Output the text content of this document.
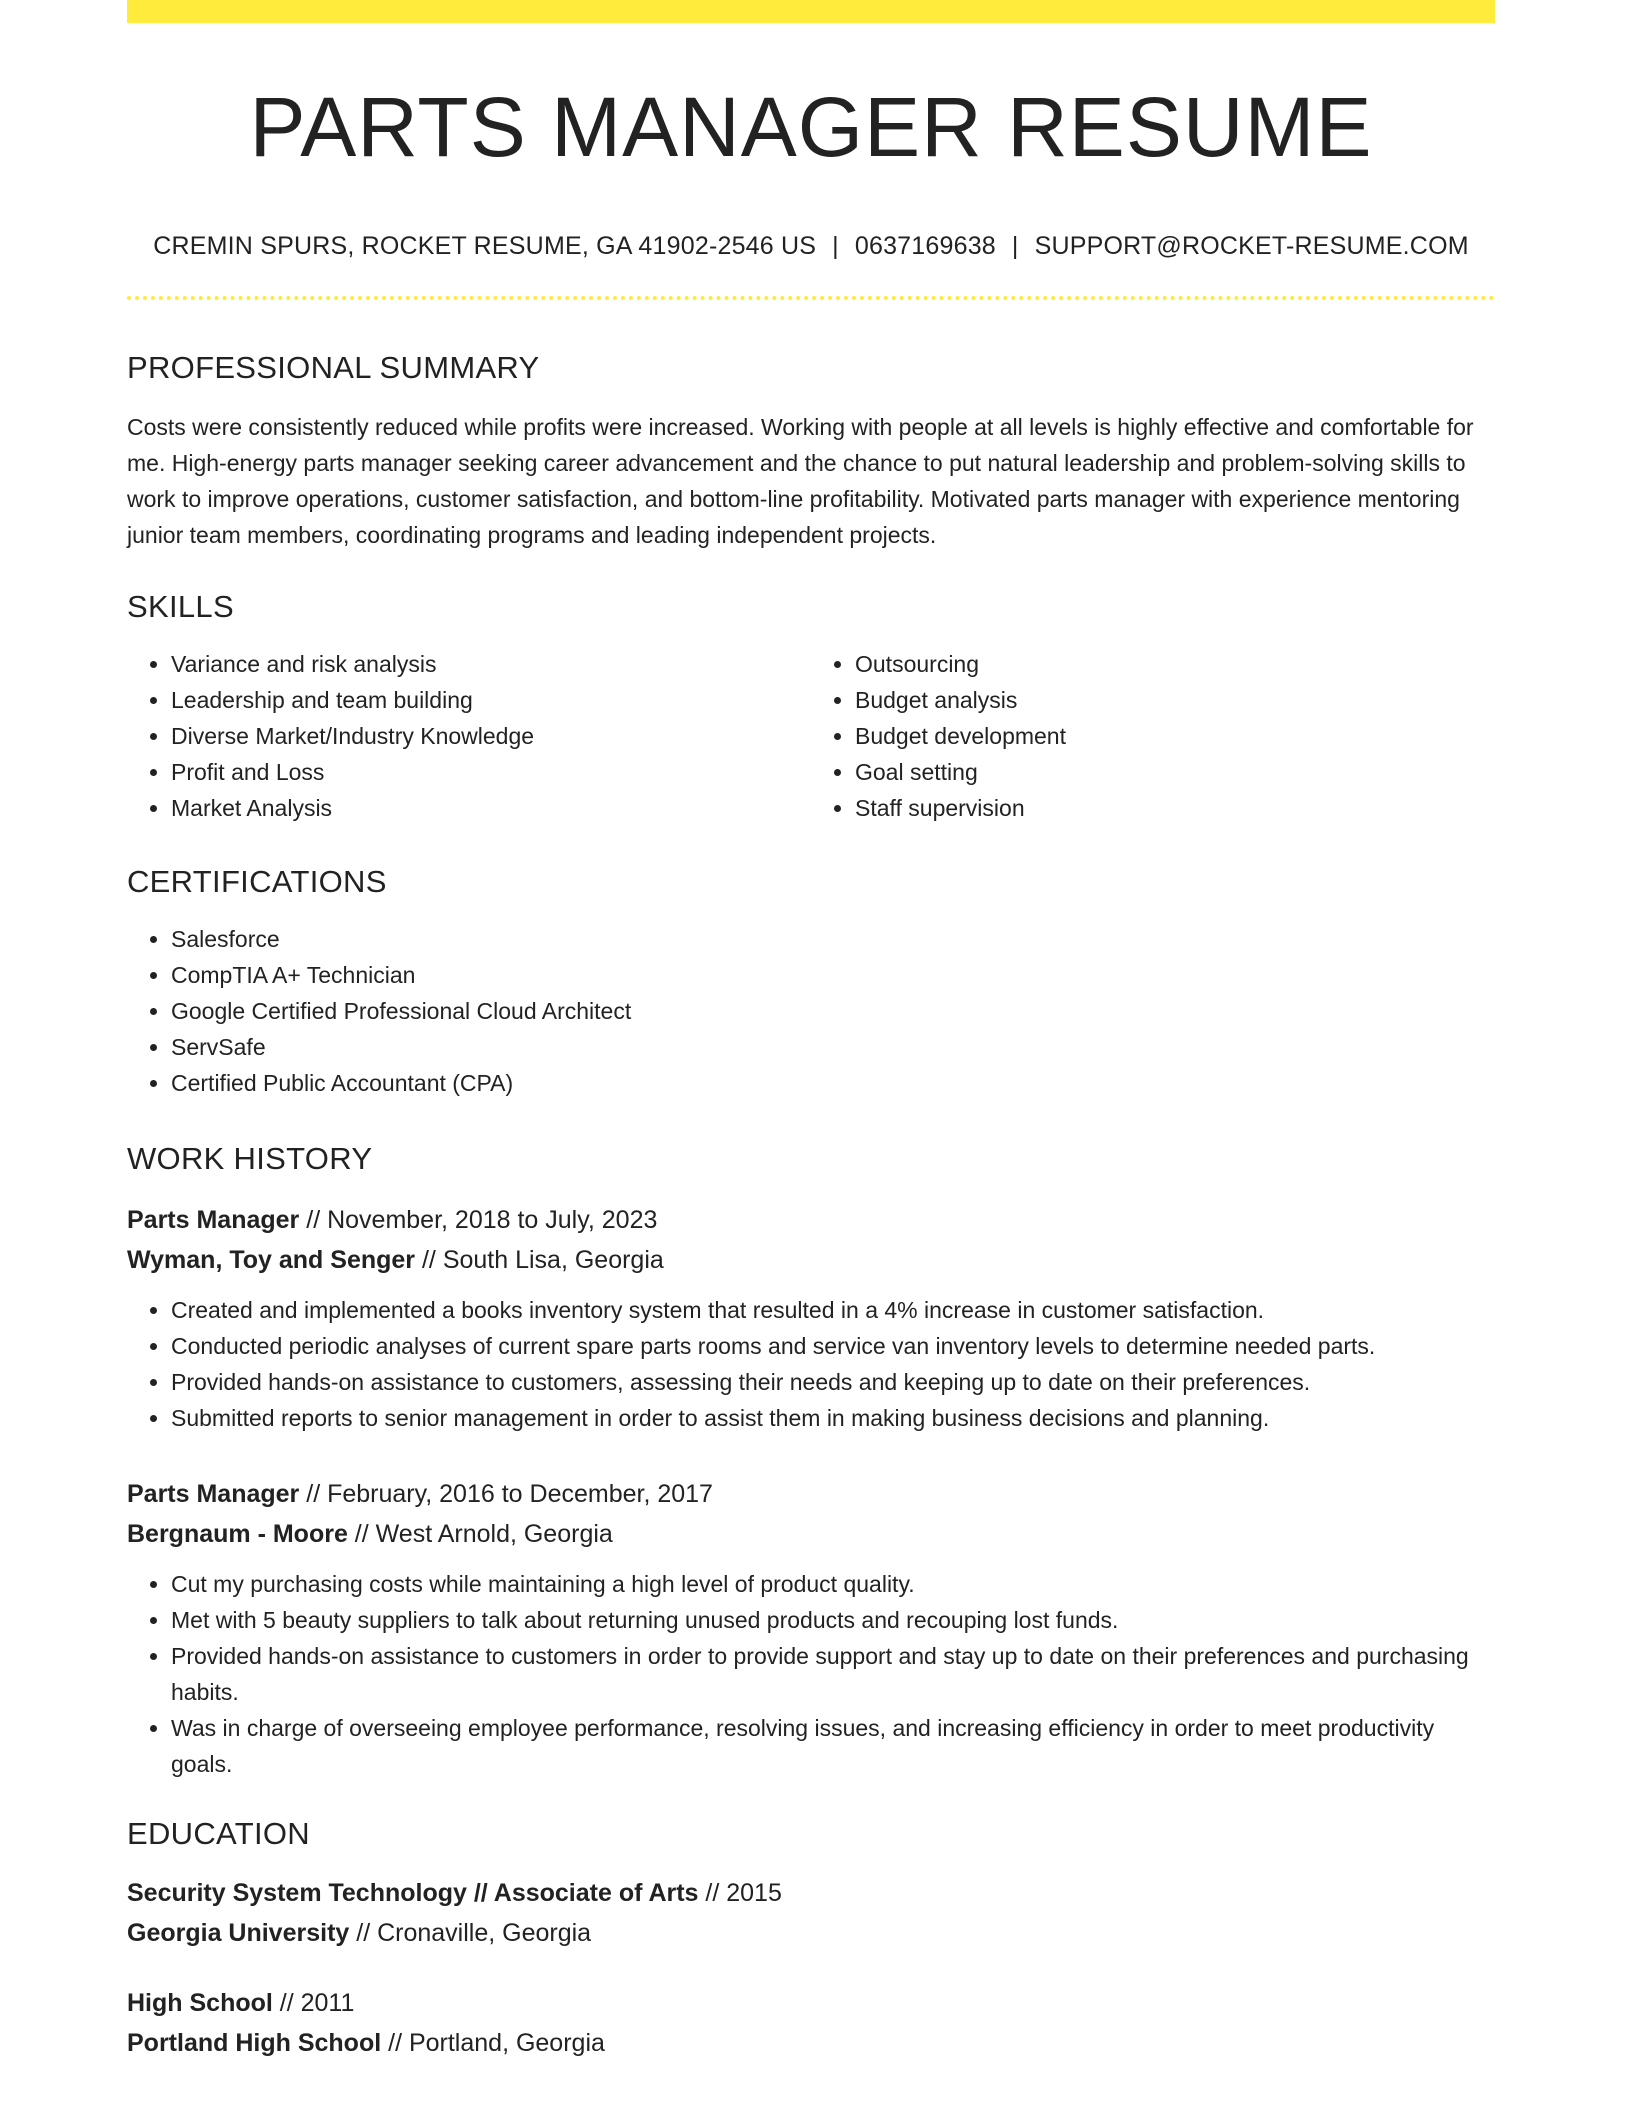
PARTS MANAGER RESUME
CREMIN SPURS, ROCKET RESUME, GA 41902-2546 US | 0637169638 | SUPPORT@ROCKET-RESUME.COM
PROFESSIONAL SUMMARY

Costs were consistently reduced while profits were increased. Working with people at all levels is highly effective and comfortable for me. High-energy parts manager seeking career advancement and the chance to put natural leadership and problem-solving skills to work to improve operations, customer satisfaction, and bottom-line profitability. Motivated parts manager with experience mentoring junior team members, coordinating programs and leading independent projects.

SKILLS
• Variance and risk analysis
• Leadership and team building
• Diverse Market/Industry Knowledge
• Profit and Loss
• Market Analysis
• Outsourcing
• Budget analysis
• Budget development
• Goal setting
• Staff supervision
CERTIFICATIONS
• Salesforce
• CompTIA A+ Technician
• Google Certified Professional Cloud Architect
• ServSafe
• Certified Public Accountant (CPA)
WORK HISTORY
Parts Manager // November, 2018 to July, 2023
Wyman, Toy and Senger // South Lisa, Georgia
• Created and implemented a books inventory system that resulted in a 4% increase in customer satisfaction.
• Conducted periodic analyses of current spare parts rooms and service van inventory levels to determine needed parts.
• Provided hands-on assistance to customers, assessing their needs and keeping up to date on their preferences.
• Submitted reports to senior management in order to assist them in making business decisions and planning.
Parts Manager // February, 2016 to December, 2017
Bergnaum - Moore // West Arnold, Georgia
• Cut my purchasing costs while maintaining a high level of product quality.
• Met with 5 beauty suppliers to talk about returning unused products and recouping lost funds.
• Provided hands-on assistance to customers in order to provide support and stay up to date on their preferences and purchasing habits.
• Was in charge of overseeing employee performance, resolving issues, and increasing efficiency in order to meet productivity goals.
EDUCATION
Security System Technology // Associate of Arts // 2015
Georgia University // Cronaville, Georgia
High School // 2011
Portland High School // Portland, Georgia
